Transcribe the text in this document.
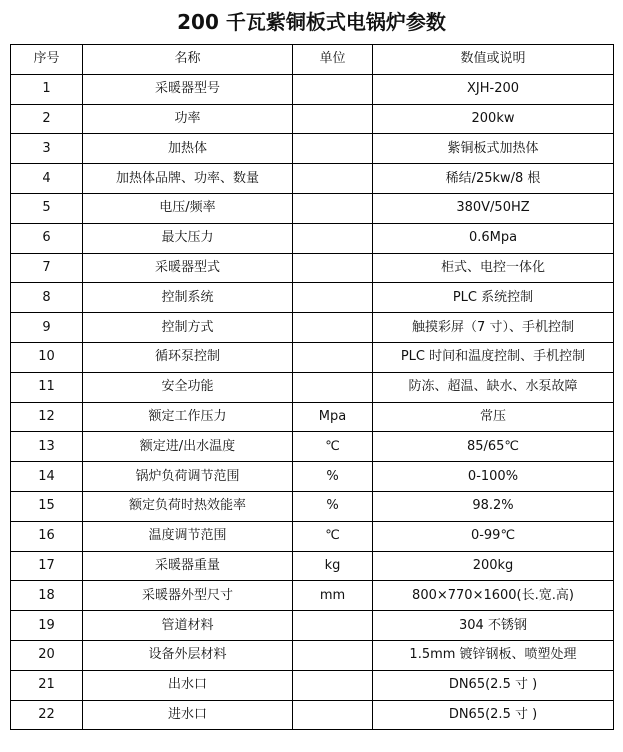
200 千瓦紫铜板式电锅炉参数
序号	名称	单位	数值或说明
1	采暖器型号		XJH-200
2	功率		200kw
3	加热体		紫铜板式加热体
4	加热体品牌、功率、数量		稀结/25kw/8 根
5	电压/频率		380V/50HZ
6	最大压力		0.6Mpa
7	采暖器型式		柜式、电控一体化
8	控制系统		PLC 系统控制
9	控制方式		触摸彩屏（7 寸）、手机控制
10	循环泵控制		PLC 时间和温度控制、手机控制
11	安全功能		防冻、超温、缺水、水泵故障
12	额定工作压力	Mpa	常压
13	额定进/出水温度	℃	85/65℃
14	锅炉负荷调节范围	%	0-100%
15	额定负荷时热效能率	%	98.2%
16	温度调节范围	℃	0-99℃
17	采暖器重量	kg	200kg
18	采暖器外型尺寸	mm	800×770×1600(长.宽.高)
19	管道材料		304 不锈钢
20	设备外层材料		1.5mm 镀锌钢板、喷塑处理
21	出水口		DN65(2.5 寸 )
22	进水口		DN65(2.5 寸 )
